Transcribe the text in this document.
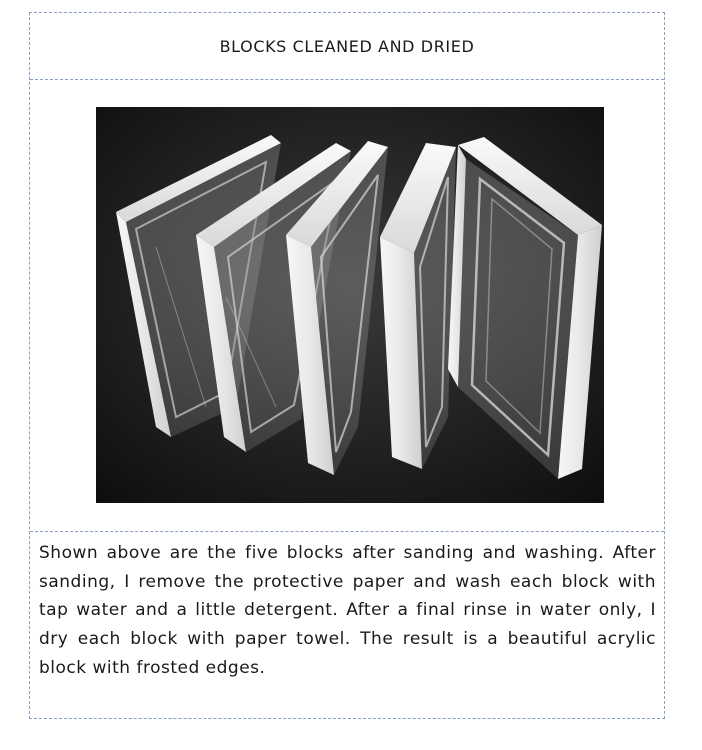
BLOCKS CLEANED AND DRIED

Shown above are the five blocks after sanding and washing. After sanding, I remove the protective paper and wash each block with tap water and a little detergent. After a final rinse in water only, I dry each block with paper towel. The result is a beautiful acrylic block with frosted edges.
